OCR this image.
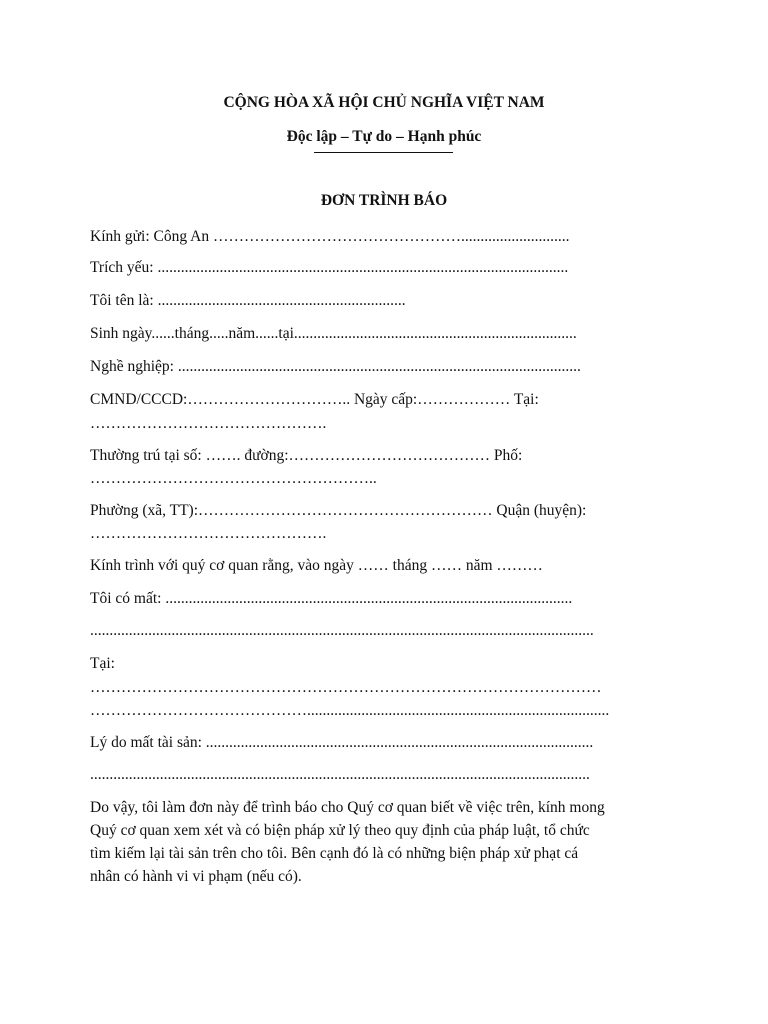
CỘNG HÒA XÃ HỘI CHỦ NGHĨA VIỆT NAM
Độc lập – Tự do – Hạnh phúc
ĐƠN TRÌNH BÁO
Kính gửi: Công An …………………………………………............................
Trích yếu: ..........................................................................................................
Tôi tên là: ................................................................
Sinh ngày......tháng.....năm......tại.........................................................................
Nghề nghiệp: ........................................................................................................
CMND/CCCD:………………………….. Ngày cấp:……………… Tại:
……………………………………….
Thường trú tại số: ……. đường:………………………………… Phố:
………………………………………………..
Phường (xã, TT):………………………………………………… Quận (huyện):
……………………………………….
Kính trình với quý cơ quan rằng, vào ngày …… tháng …… năm ………
Tôi có mất: .........................................................................................................
..................................................................................................................................
Tại:
………………………………………………………………………………………
……………………………………..............................................................................
Lý do mất tài sản: ....................................................................................................
.................................................................................................................................
Do vậy, tôi làm đơn này để trình báo cho Quý cơ quan biết về việc trên, kính mong
Quý cơ quan xem xét và có biện pháp xử lý theo quy định của pháp luật, tổ chức
tìm kiếm lại tài sản trên cho tôi. Bên cạnh đó là có những biện pháp xử phạt cá
nhân có hành vi vi phạm (nếu có).
